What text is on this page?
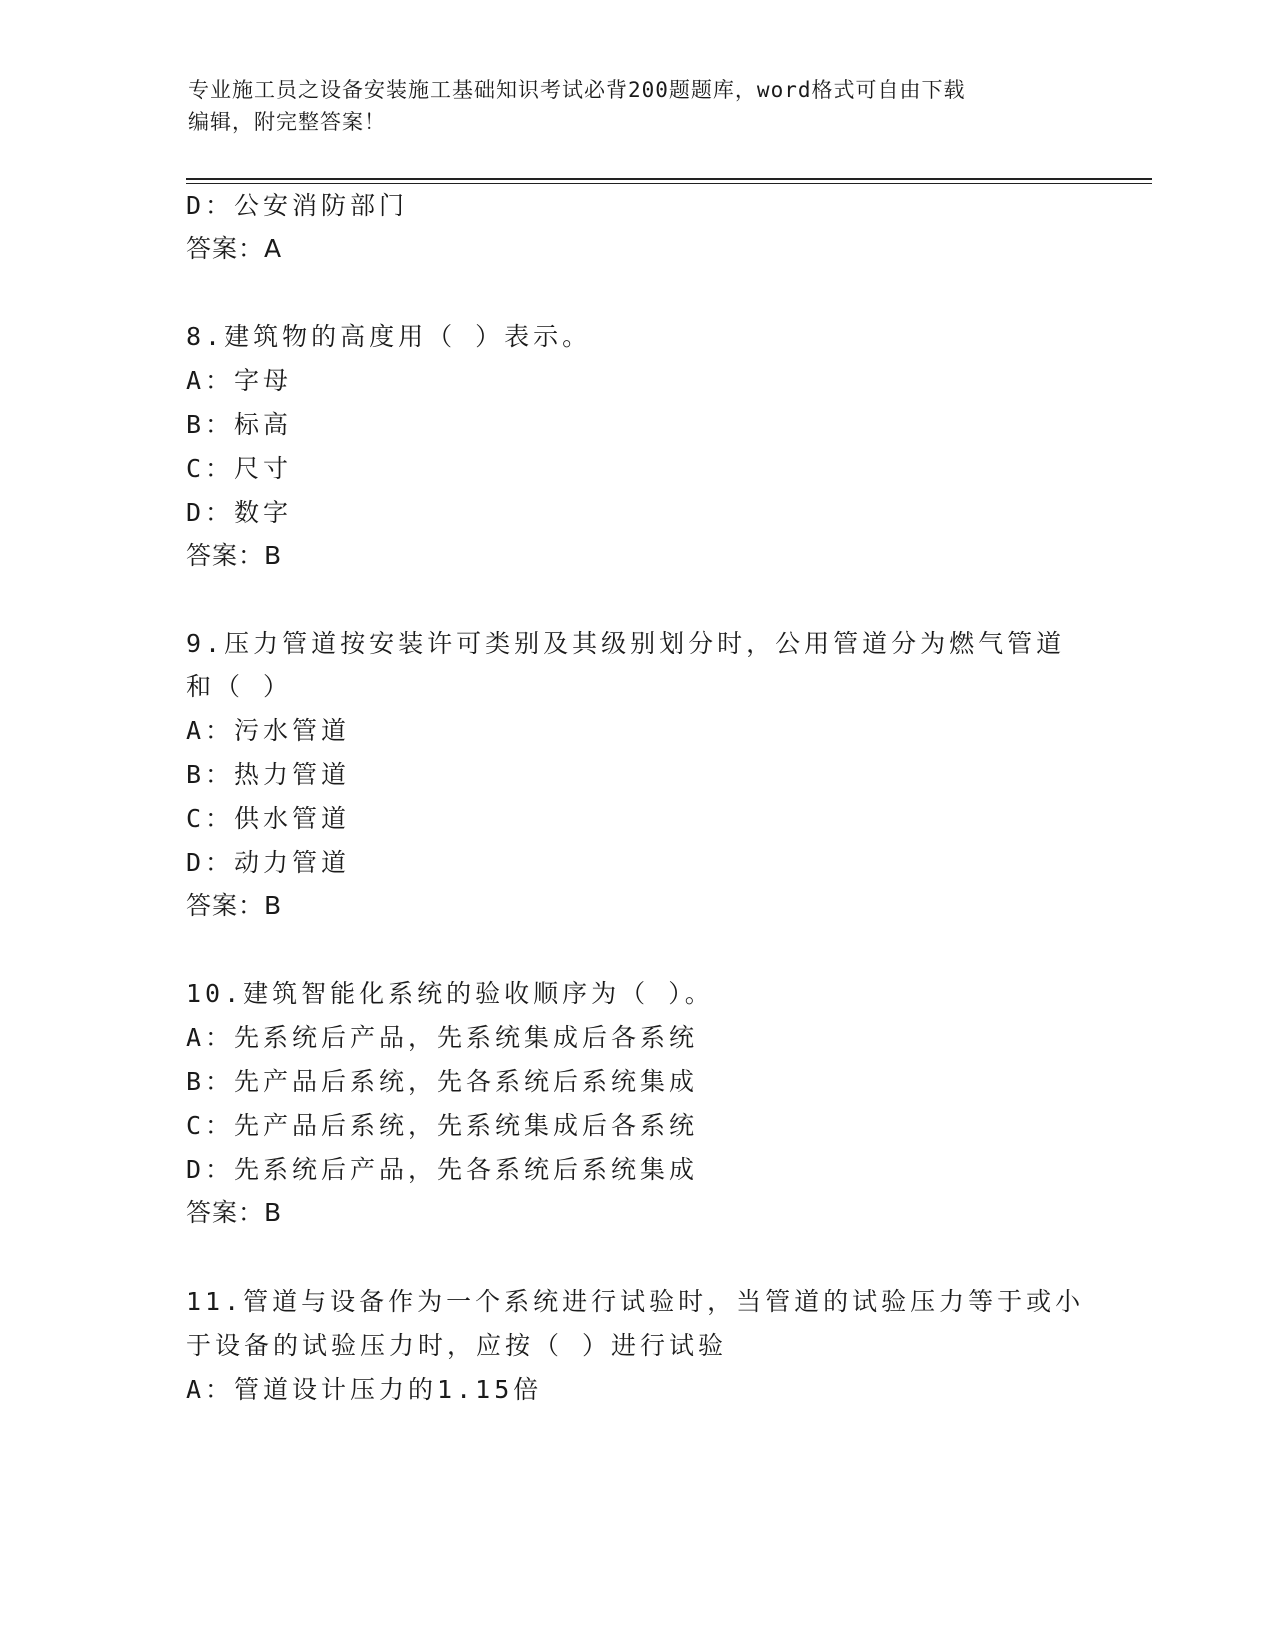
专业施工员之设备安装施工基础知识考试必背200题题库，word格式可自由下载
编辑，附完整答案！
D：公安消防部门
答案：A
8.建筑物的高度用（ ）表示。
A：字母
B：标高
C：尺寸
D：数字
答案：B
9.压力管道按安装许可类别及其级别划分时，公用管道分为燃气管道
和（ ）
A：污水管道
B：热力管道
C：供水管道
D：动力管道
答案：B
10.建筑智能化系统的验收顺序为（ ）。
A：先系统后产品，先系统集成后各系统
B：先产品后系统，先各系统后系统集成
C：先产品后系统，先系统集成后各系统
D：先系统后产品，先各系统后系统集成
答案：B
11.管道与设备作为一个系统进行试验时，当管道的试验压力等于或小
于设备的试验压力时，应按（ ）进行试验
A：管道设计压力的1.15倍
